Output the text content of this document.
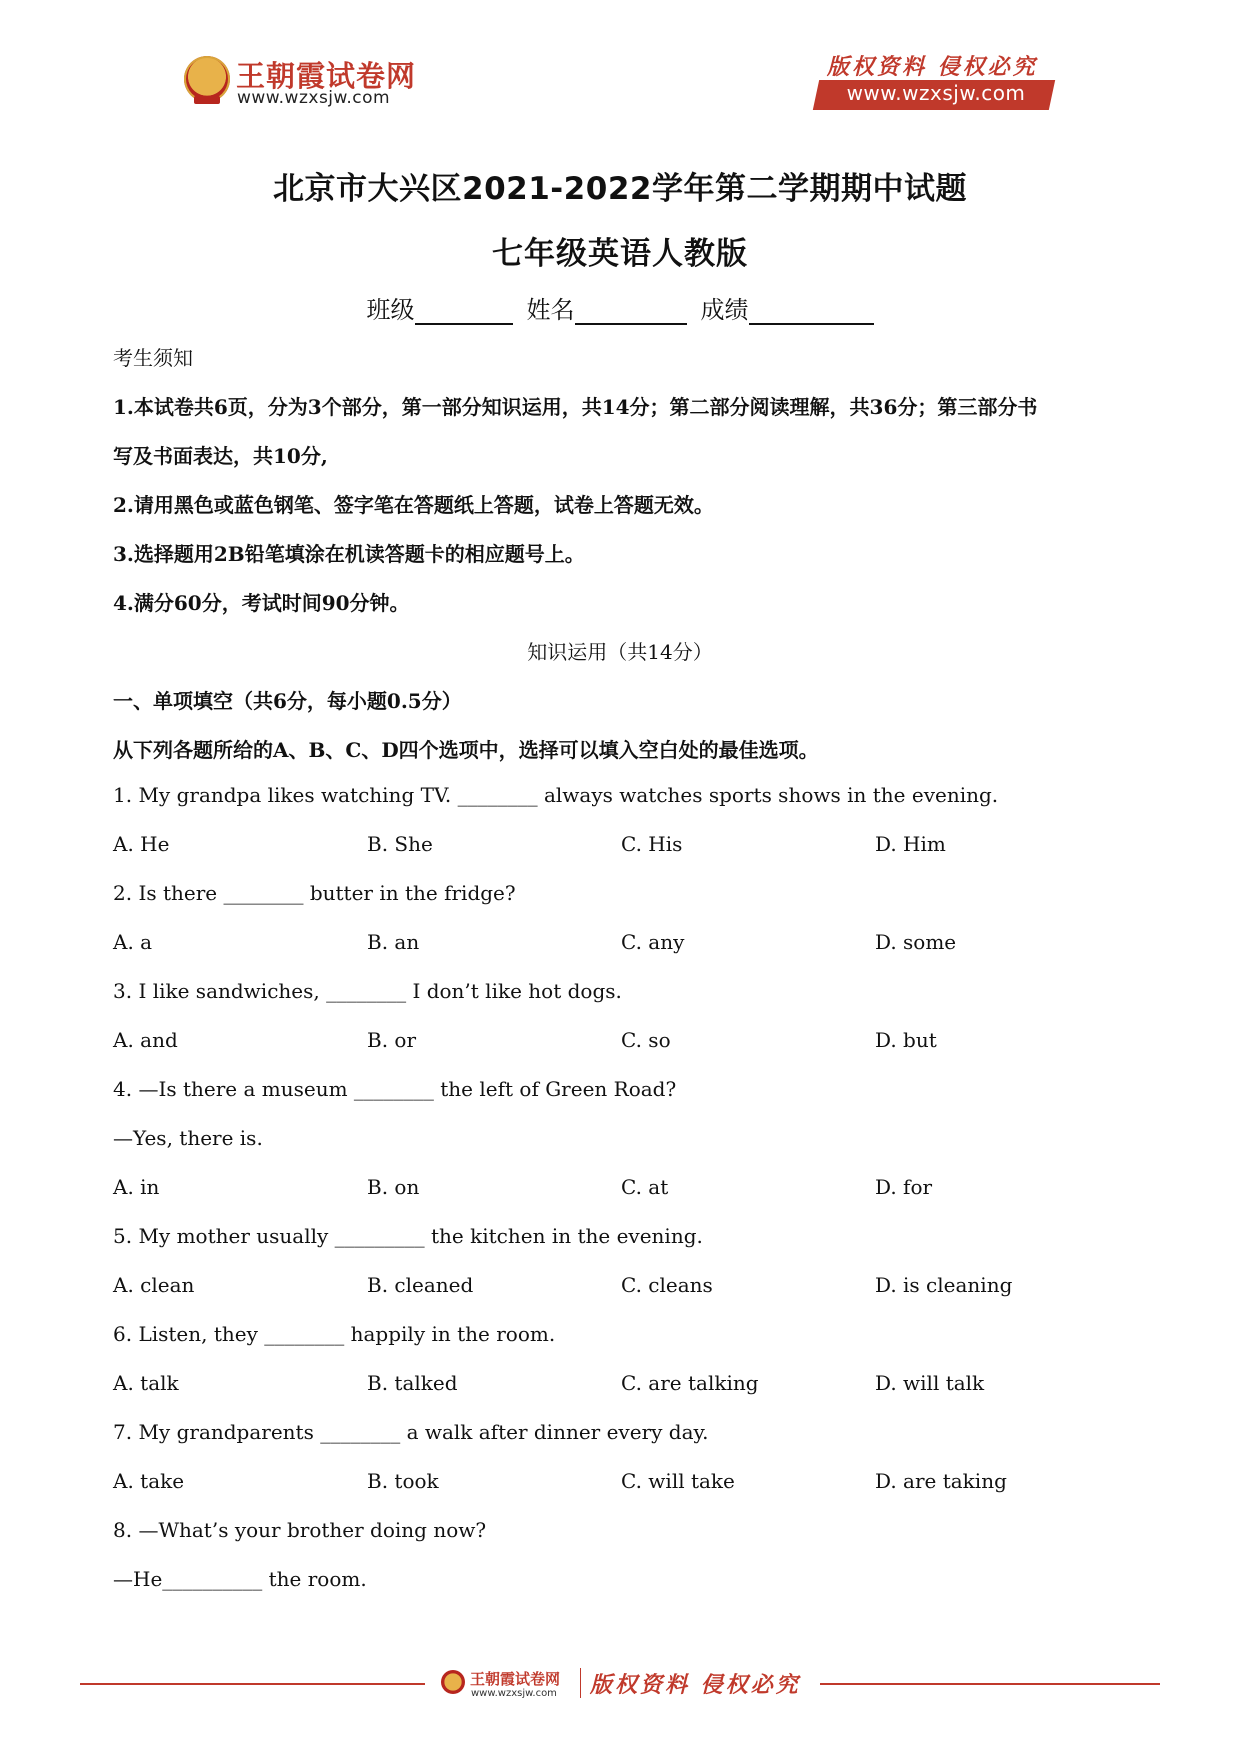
王朝霞试卷网
www.wzxsjw.com
版权资料 侵权必究
www.wzxsjw.com
北京市大兴区2021-2022学年第二学期期中试题
七年级英语人教版
班级	姓名	成绩
考生须知
1.本试卷共6页，分为3个部分，第一部分知识运用，共14分；第二部分阅读理解，共36分；第三部分书
写及书面表达，共10分,
2.请用黑色或蓝色钢笔、签字笔在答题纸上答题，试卷上答题无效。
3.选择题用2B铅笔填涂在机读答题卡的相应题号上。
4.满分60分，考试时间90分钟。
知识运用（共14分）
一、单项填空（共6分，每小题0.5分）
从下列各题所给的A、B、C、D四个选项中，选择可以填入空白处的最佳选项。
1. My grandpa likes watching TV. ________ always watches sports shows in the evening.
A. He	B. She	C. His	D. Him
2. Is there ________ butter in the fridge?
A. a	B. an	C. any	D. some
3. I like sandwiches, ________ I don’t like hot dogs.
A. and	B. or	C. so	D. but
4. —Is there a museum ________ the left of Green Road?
—Yes, there is.
A. in	B. on	C. at	D. for
5. My mother usually _________ the kitchen in the evening.
A. clean	B. cleaned	C. cleans	D. is cleaning
6. Listen, they ________ happily in the room.
A. talk	B. talked	C. are talking	D. will talk
7. My grandparents ________ a walk after dinner every day.
A. take	B. took	C. will take	D. are taking
8. —What’s your brother doing now?
—He__________ the room.
王朝霞试卷网
www.wzxsjw.com 版权资料 侵权必究
